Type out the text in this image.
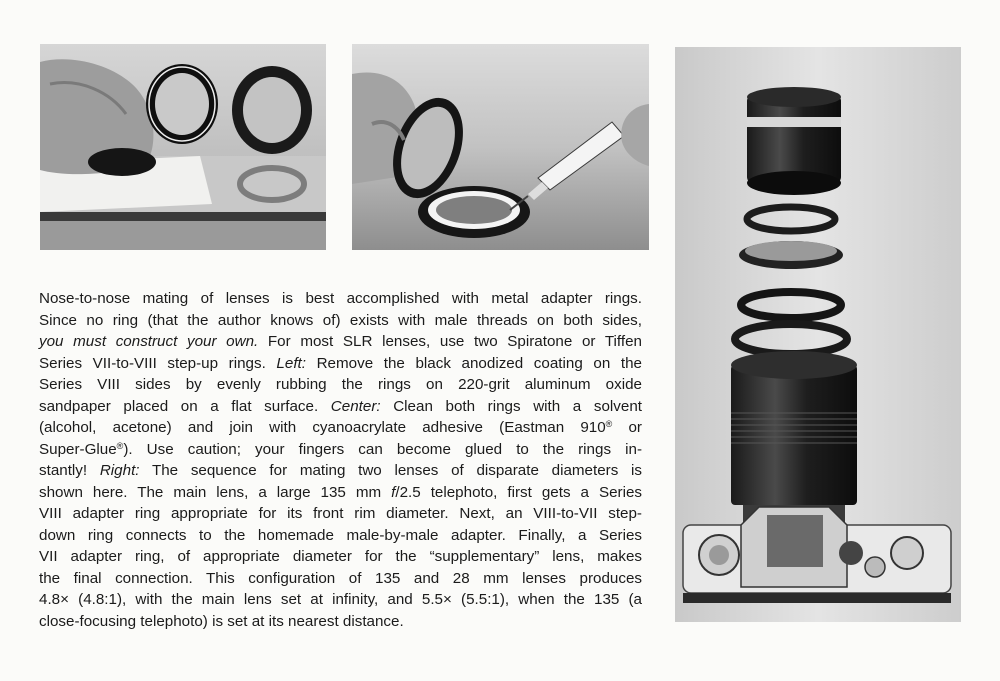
Nose-to-nose mating of lenses is best accomplished with metal adapter rings.
Since no ring (that the author knows of) exists with male threads on both sides,
you must construct your own. For most SLR lenses, use two Spiratone or Tiffen
Series VII-to-VIII step-up rings. Left: Remove the black anodized coating on the
Series VIII sides by evenly rubbing the rings on 220-grit aluminum oxide
sandpaper placed on a flat surface. Center: Clean both rings with a solvent
(alcohol, acetone) and join with cyanoacrylate adhesive (Eastman 910® or
Super-Glue®). Use caution; your fingers can become glued to the rings in-
stantly! Right: The sequence for mating two lenses of disparate diameters is
shown here. The main lens, a large 135 mm f/2.5 telephoto, first gets a Series
VIII adapter ring appropriate for its front rim diameter. Next, an VIII-to-VII step-
down ring connects to the homemade male-by-male adapter. Finally, a Series
VII adapter ring, of appropriate diameter for the “supplementary” lens, makes
the final connection. This configuration of 135 and 28 mm lenses produces
4.8× (4.8:1), with the main lens set at infinity, and 5.5× (5.5:1), when the 135 (a
close-focusing telephoto) is set at its nearest distance.
